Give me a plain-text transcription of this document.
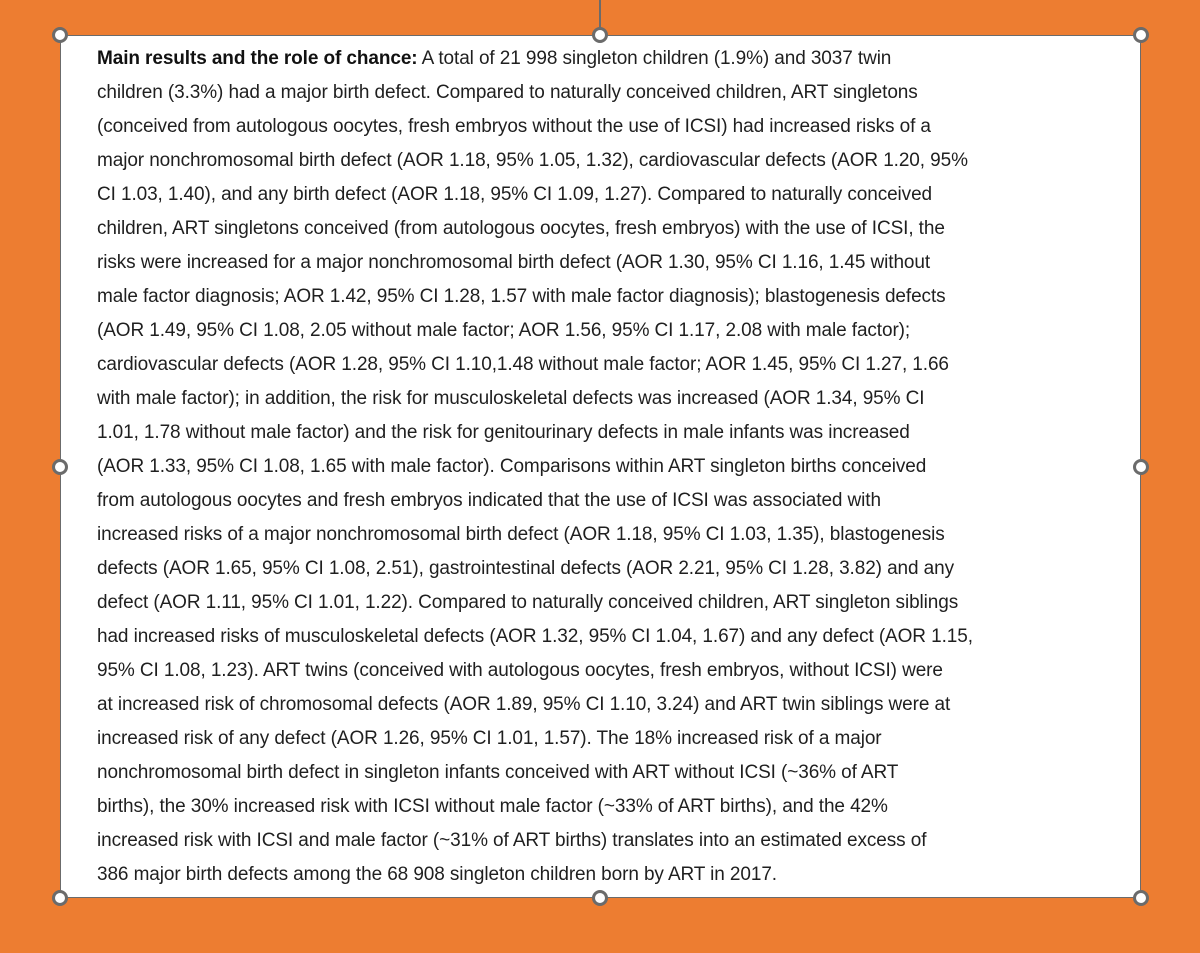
Main results and the role of chance: A total of 21 998 singleton children (1.9%) and 3037 twin
children (3.3%) had a major birth defect. Compared to naturally conceived children, ART singletons
(conceived from autologous oocytes, fresh embryos without the use of ICSI) had increased risks of a
major nonchromosomal birth defect (AOR 1.18, 95% 1.05, 1.32), cardiovascular defects (AOR 1.20, 95%
CI 1.03, 1.40), and any birth defect (AOR 1.18, 95% CI 1.09, 1.27). Compared to naturally conceived
children, ART singletons conceived (from autologous oocytes, fresh embryos) with the use of ICSI, the
risks were increased for a major nonchromosomal birth defect (AOR 1.30, 95% CI 1.16, 1.45 without
male factor diagnosis; AOR 1.42, 95% CI 1.28, 1.57 with male factor diagnosis); blastogenesis defects
(AOR 1.49, 95% CI 1.08, 2.05 without male factor; AOR 1.56, 95% CI 1.17, 2.08 with male factor);
cardiovascular defects (AOR 1.28, 95% CI 1.10,1.48 without male factor; AOR 1.45, 95% CI 1.27, 1.66
with male factor); in addition, the risk for musculoskeletal defects was increased (AOR 1.34, 95% CI
1.01, 1.78 without male factor) and the risk for genitourinary defects in male infants was increased
(AOR 1.33, 95% CI 1.08, 1.65 with male factor). Comparisons within ART singleton births conceived
from autologous oocytes and fresh embryos indicated that the use of ICSI was associated with
increased risks of a major nonchromosomal birth defect (AOR 1.18, 95% CI 1.03, 1.35), blastogenesis
defects (AOR 1.65, 95% CI 1.08, 2.51), gastrointestinal defects (AOR 2.21, 95% CI 1.28, 3.82) and any
defect (AOR 1.11, 95% CI 1.01, 1.22). Compared to naturally conceived children, ART singleton siblings
had increased risks of musculoskeletal defects (AOR 1.32, 95% CI 1.04, 1.67) and any defect (AOR 1.15,
95% CI 1.08, 1.23). ART twins (conceived with autologous oocytes, fresh embryos, without ICSI) were
at increased risk of chromosomal defects (AOR 1.89, 95% CI 1.10, 3.24) and ART twin siblings were at
increased risk of any defect (AOR 1.26, 95% CI 1.01, 1.57). The 18% increased risk of a major
nonchromosomal birth defect in singleton infants conceived with ART without ICSI (~36% of ART
births), the 30% increased risk with ICSI without male factor (~33% of ART births), and the 42%
increased risk with ICSI and male factor (~31% of ART births) translates into an estimated excess of
386 major birth defects among the 68 908 singleton children born by ART in 2017.
